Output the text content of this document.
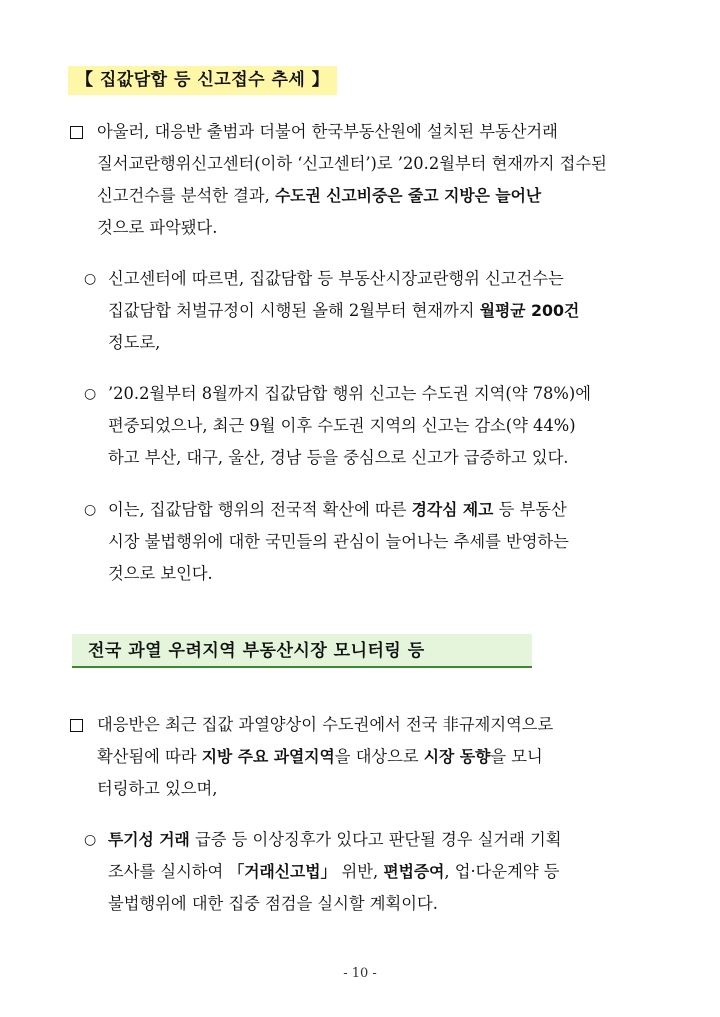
【 집값담합 등 신고접수 추세 】
아울러, 대응반 출범과 더불어 한국부동산원에 설치된 부동산거래
질서교란행위신고센터(이하 ‘신고센터’)로 ’20.2월부터 현재까지 접수된
신고건수를 분석한 결과, 수도권 신고비중은 줄고 지방은 늘어난
것으로 파악됐다.
○ 신고센터에 따르면, 집값담합 등 부동산시장교란행위 신고건수는
집값담합 처벌규정이 시행된 올해 2월부터 현재까지 월평균 200건
정도로,
○ ’20.2월부터 8월까지 집값담합 행위 신고는 수도권 지역(약 78%)에
편중되었으나, 최근 9월 이후 수도권 지역의 신고는 감소(약 44%)
하고 부산, 대구, 울산, 경남 등을 중심으로 신고가 급증하고 있다.
○ 이는, 집값담합 행위의 전국적 확산에 따른 경각심 제고 등 부동산
시장 불법행위에 대한 국민들의 관심이 늘어나는 추세를 반영하는
것으로 보인다.
전국 과열 우려지역 부동산시장 모니터링 등
대응반은 최근 집값 과열양상이 수도권에서 전국 非규제지역으로
확산됨에 따라 지방 주요 과열지역을 대상으로 시장 동향을 모니
터링하고 있으며,
○ 투기성 거래 급증 등 이상징후가 있다고 판단될 경우 실거래 기획
조사를 실시하여 「거래신고법」 위반, 편법증여, 업·다운계약 등
불법행위에 대한 집중 점검을 실시할 계획이다.
- 10 -
